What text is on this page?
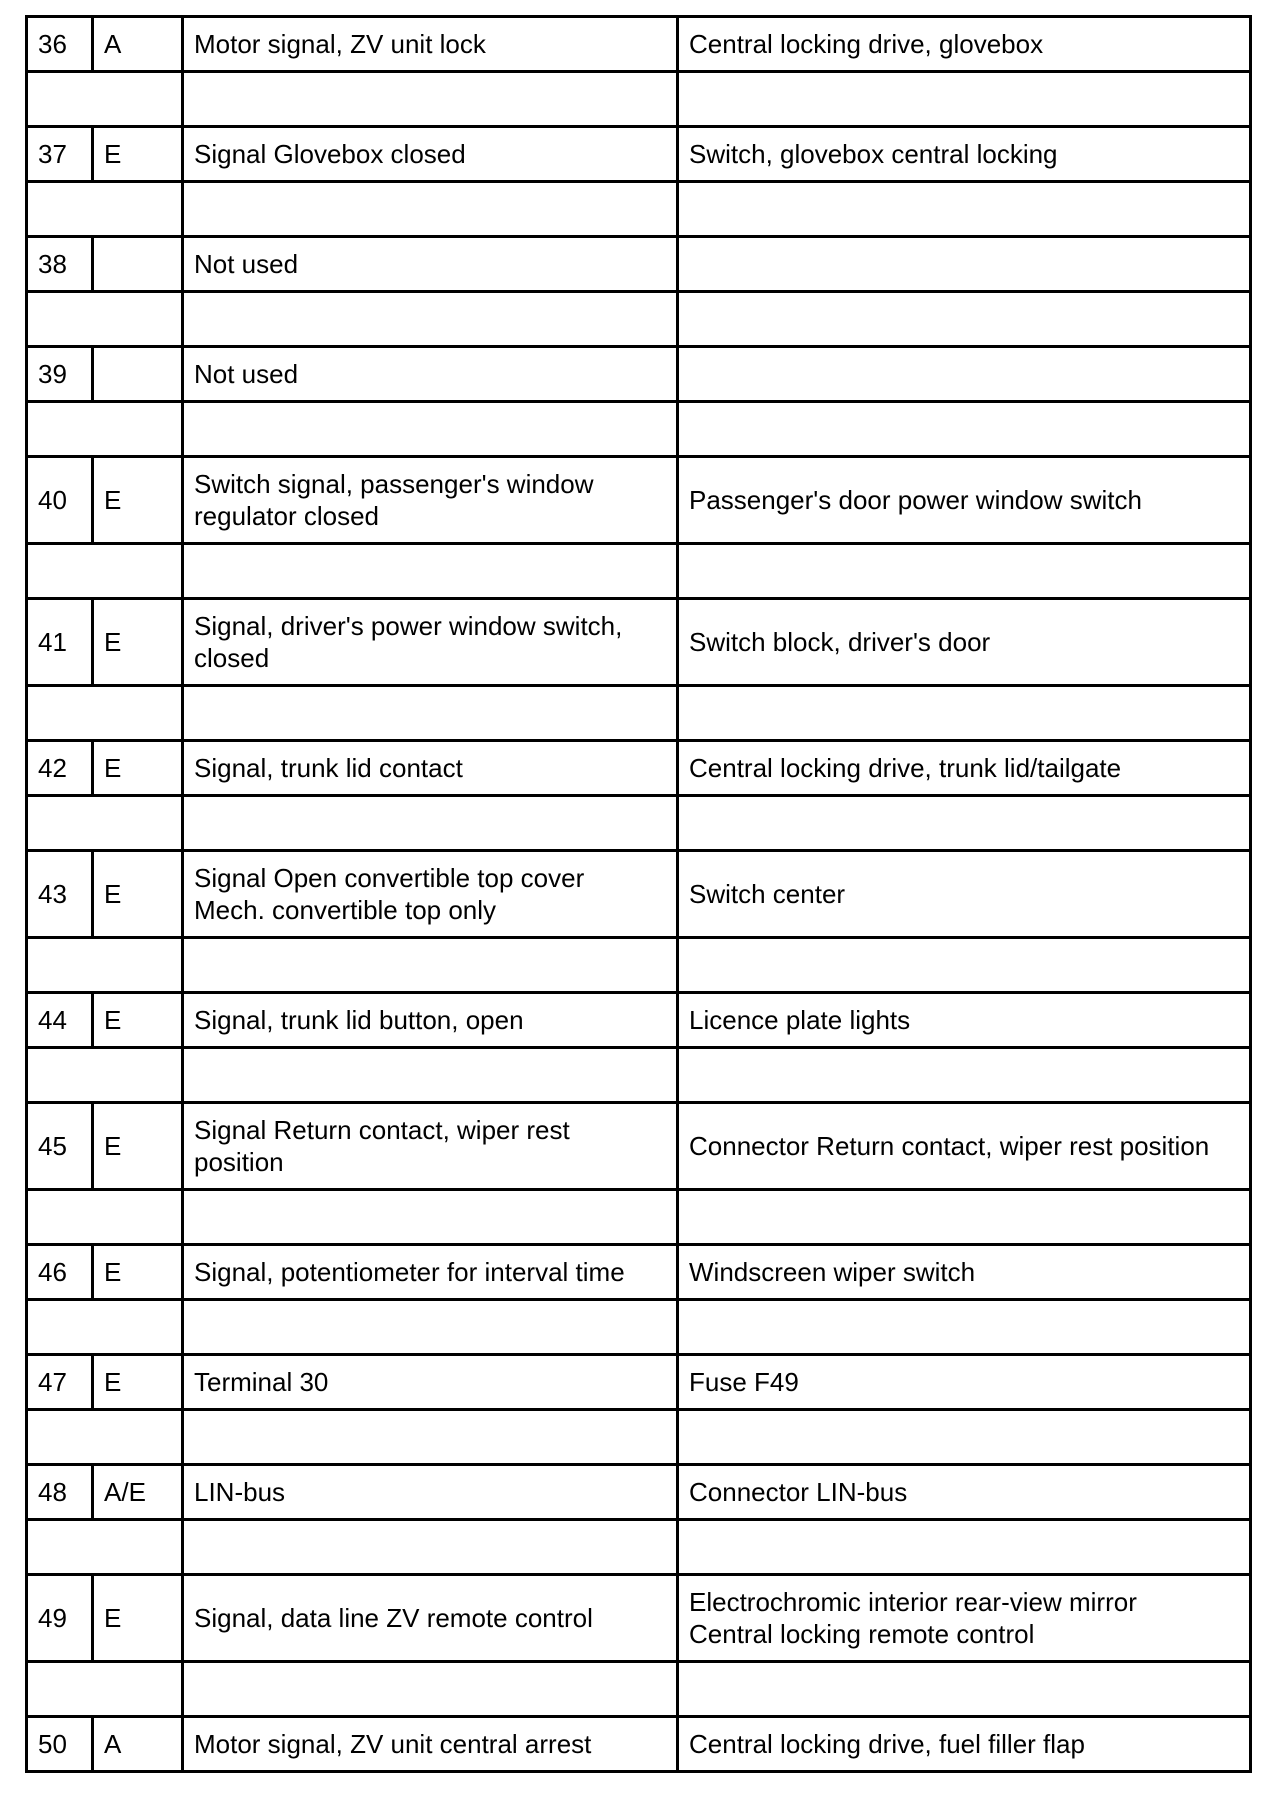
36	A	Motor signal, ZV unit lock	Central locking drive, glovebox

37	E	Signal Glovebox closed	Switch, glovebox central locking

38		Not used	

39		Not used	

40	E	Switch signal, passenger's window regulator closed	Passenger's door power window switch

41	E	Signal, driver's power window switch, closed	Switch block, driver's door

42	E	Signal, trunk lid contact	Central locking drive, trunk lid/tailgate

43	E	Signal Open convertible top cover
Mech. convertible top only	Switch center

44	E	Signal, trunk lid button, open	Licence plate lights

45	E	Signal Return contact, wiper rest position	Connector Return contact, wiper rest position

46	E	Signal, potentiometer for interval time	Windscreen wiper switch

47	E	Terminal 30	Fuse F49

48	A/E	LIN-bus	Connector LIN-bus

49	E	Signal, data line ZV remote control	Electrochromic interior rear-view mirror
Central locking remote control

50	A	Motor signal, ZV unit central arrest	Central locking drive, fuel filler flap
